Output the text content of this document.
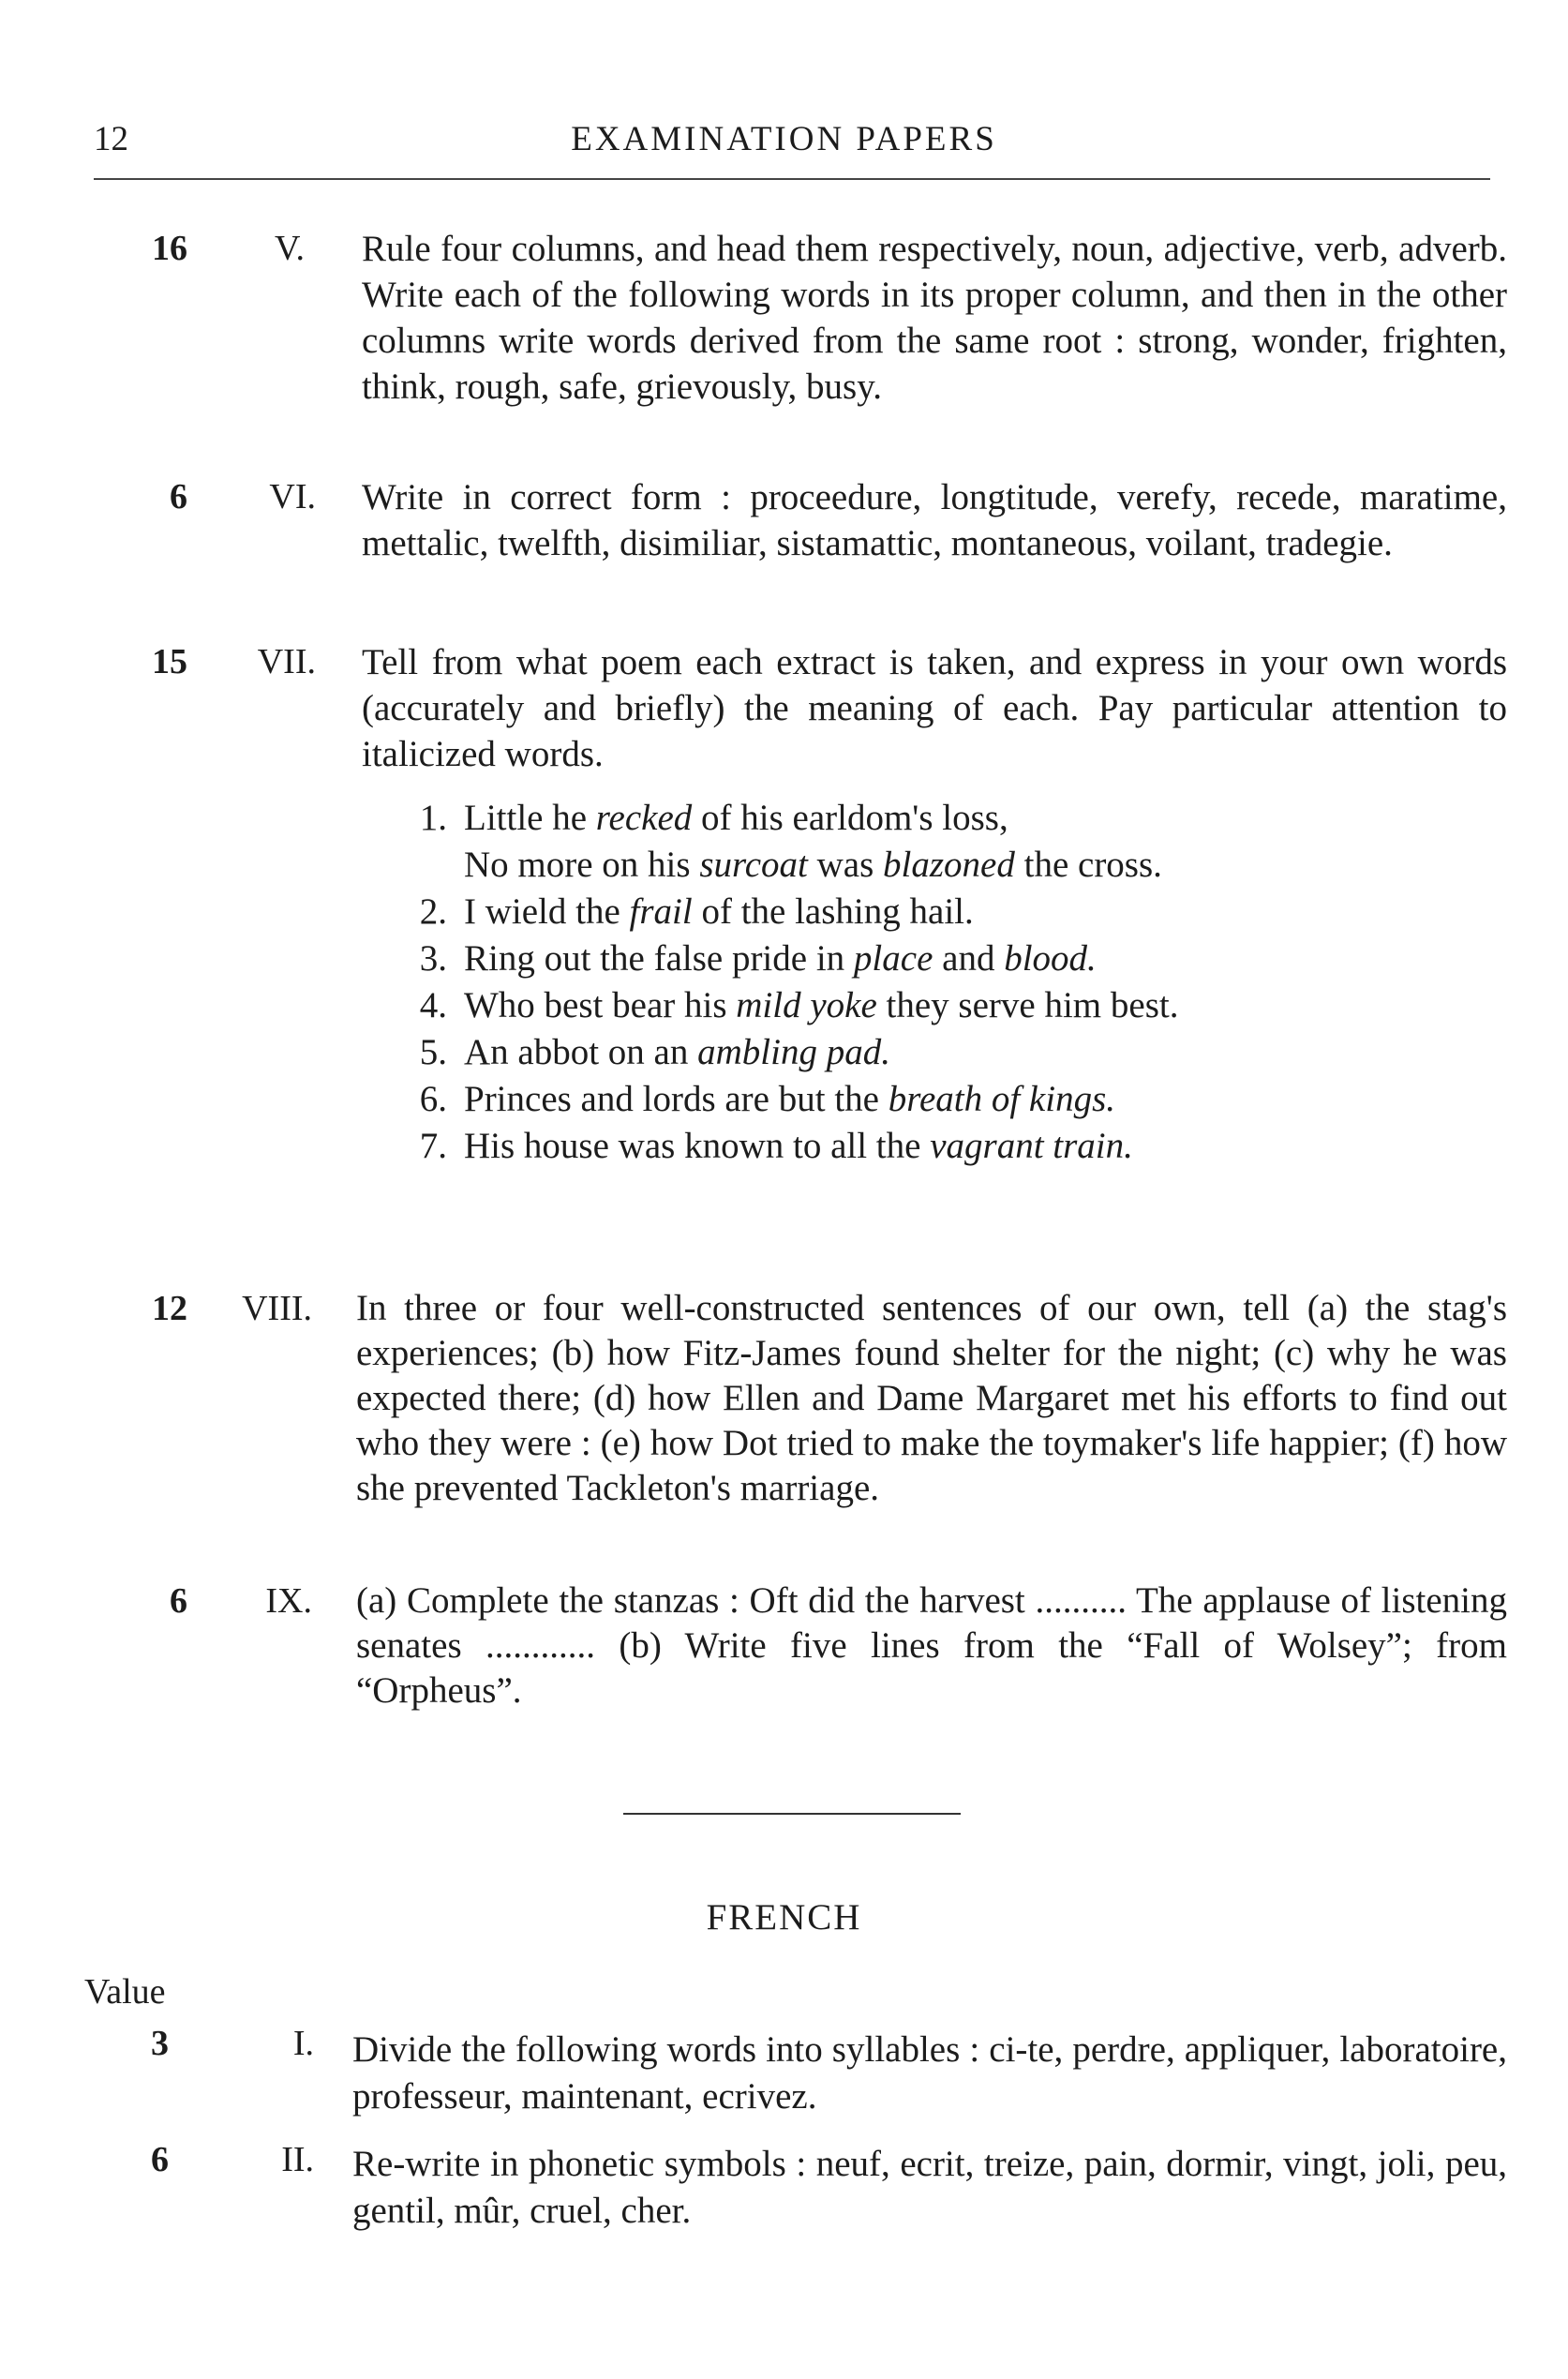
12	EXAMINATION PAPERS
16	V. Rule four columns, and head them respectively, noun, adjective, verb, adverb. Write each of the following words in its proper column, and then in the other columns write words derived from the same root : strong, wonder, frighten, think, rough, safe, grievously, busy.
6	VI. Write in correct form : proceedure, longtitude, verefy, recede, maratime, mettalic, twelfth, disimiliar, sistamattic, montaneous, voilant, tradegie.
15	VII. Tell from what poem each extract is taken, and express in your own words (accurately and briefly) the meaning of each. Pay particular attention to italicized words.
1. Little he recked of his earldom's loss,
No more on his surcoat was blazoned the cross.
2. I wield the frail of the lashing hail.
3. Ring out the false pride in place and blood.
4. Who best bear his mild yoke they serve him best.
5. An abbot on an ambling pad.
6. Princes and lords are but the breath of kings.
7. His house was known to all the vagrant train.
12	VIII. In three or four well-constructed sentences of our own, tell (a) the stag's experiences; (b) how Fitz-James found shelter for the night; (c) why he was expected there; (d) how Ellen and Dame Margaret met his efforts to find out who they were : (e) how Dot tried to make the toymaker's life happier; (f) how she prevented Tackleton's marriage.
6	IX. (a) Complete the stanzas : Oft did the harvest .......... The applause of listening senates ............ (b) Write five lines from the “Fall of Wolsey”; from “Orpheus”.
FRENCH
Value
3	I. Divide the following words into syllables : ci-te, perdre, appliquer, laboratoire, professeur, maintenant, ecrivez.
6	II. Re-write in phonetic symbols : neuf, ecrit, treize, pain, dormir, vingt, joli, peu, gentil, mûr, cruel, cher.
